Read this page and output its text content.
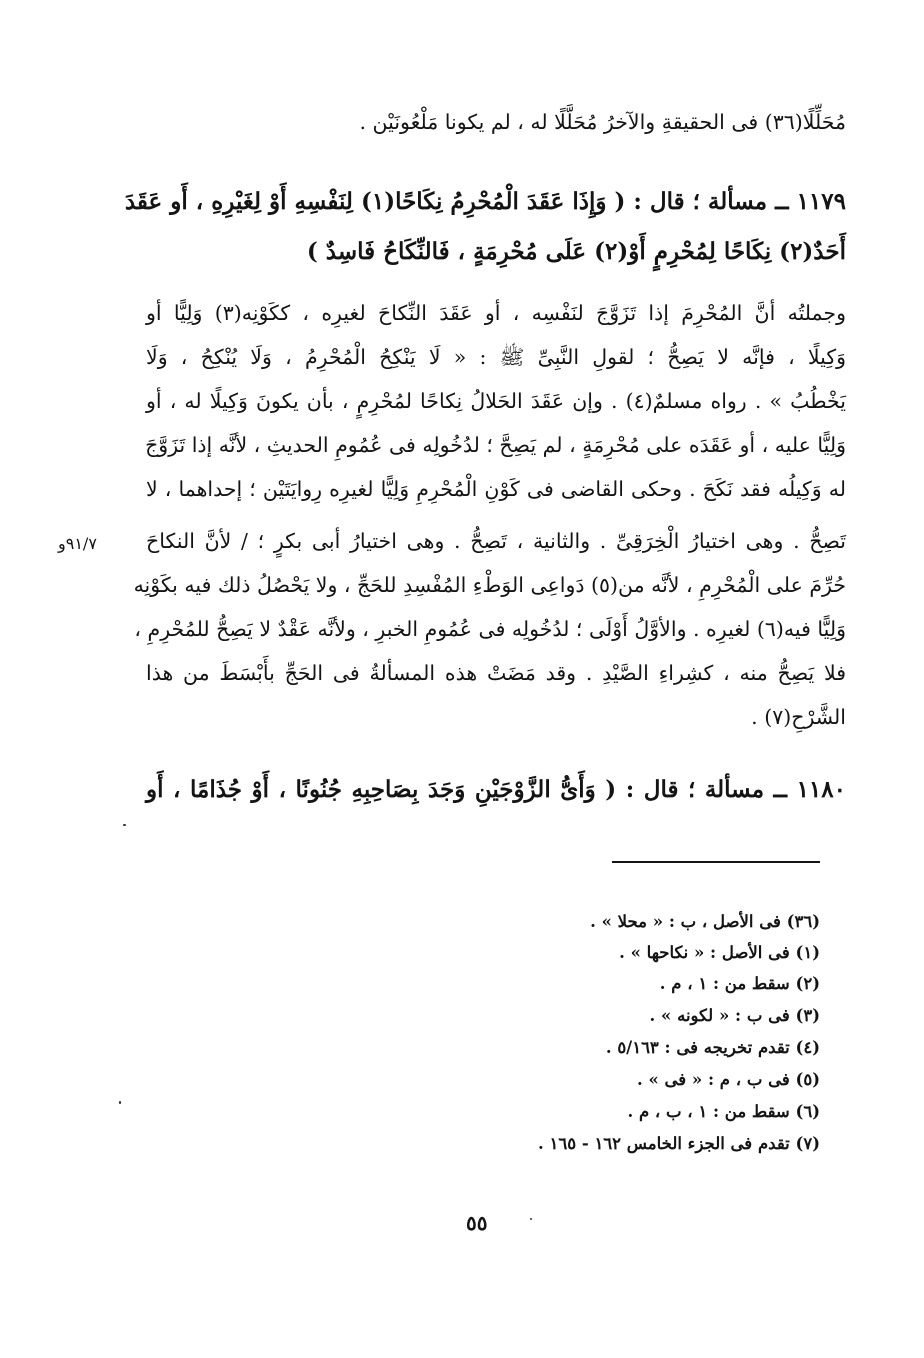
مُحَلِّلًا(٣٦) فى الحقيقةِ والآخرُ مُحَلَّلًا له ، لم يكونا مَلْعُونَيْن .
١١٧٩ ــ مسألة ؛ قال : ( وَإِذَا عَقَدَ الْمُحْرِمُ نِكَاحًا(١) لِنَفْسِهِ أَوْ لِغَيْرِهِ ، أَو عَقَدَ
أَحَدٌ(٢) نِكَاحًا لِمُحْرِمٍ أَوْ(٢) عَلَى مُحْرِمَةٍ ، فَالنِّكَاحُ فَاسِدٌ )
وجملتُه أنَّ المُحْرِمَ إذا تَزَوَّجَ لنَفْسِه ، أو عَقَدَ النِّكاحَ لغيرِه ، ككَوْنِه(٣) وَلِيًّا أو
وَكِيلًا ، فإنَّه لا يَصِحُّ ؛ لقولِ النَّبِىِّ ﷺ : « لَا يَنْكِحُ الْمُحْرِمُ ، وَلَا يُنْكِحُ ، وَلَا
يَخْطُبُ » . رواه مسلمٌ(٤) . وإن عَقَدَ الحَلالُ نِكاحًا لمُحْرِمٍ ، بأن يكونَ وَكِيلًا له ، أو
وَلِيًّا عليه ، أو عَقَدَه على مُحْرِمَةٍ ، لم يَصِحَّ ؛ لدُخُولِه فى عُمُومِ الحديثِ ، لأنَّه إذا تَزَوَّجَ
له وَكِيلُه فقد نَكَحَ . وحكى القاضى فى كَوْنِ الْمُحْرِمِ وَلِيًّا لغيرِه رِوايَتَيْن ؛ إحداهما ، لا
تَصِحُّ . وهى اختيارُ الْخِرَقِىِّ . والثانية ، تَصِحُّ . وهى اختيارُ أبى بكرٍ ؛ / لأنَّ النكاحَ
حُرِّمَ على الْمُحْرِمِ ، لأنَّه من(٥) دَواعِى الوَطْءِ المُفْسِدِ للحَجِّ ، ولا يَحْصُلُ ذلك فيه بكَوْنِه
وَلِيًّا فيه(٦) لغيرِه . والأوَّلُ أَوْلَى ؛ لدُخُولِه فى عُمُومِ الخبرِ ، ولأنَّه عَقْدٌ لا يَصِحُّ للمُحْرِمِ ،
فلا يَصِحُّ منه ، كشِراءِ الصَّيْدِ . وقد مَضَتْ هذه المسألةُ فى الحَجِّ بأَبْسَطَ من هذا
الشَّرْحِ(٧) .
٩١/٧و
١١٨٠ ــ مسألة ؛ قال : ( وَأَىُّ الزَّوْجَيْنِ وَجَدَ بِصَاحِبِهِ جُنُونًا ، أَوْ جُذَامًا ، أَو
(٣٦) فى الأصل ، ب : « محلا » .
(١) فى الأصل : « نكاحها » .
(٢) سقط من : ١ ، م .
(٣) فى ب : « لكونه » .
(٤) تقدم تخريجه فى : ٥/١٦٣ .
(٥) فى ب ، م : « فى » .
(٦) سقط من : ١ ، ب ، م .
(٧) تقدم فى الجزء الخامس ١٦٢ - ١٦٥ .
٥٥
